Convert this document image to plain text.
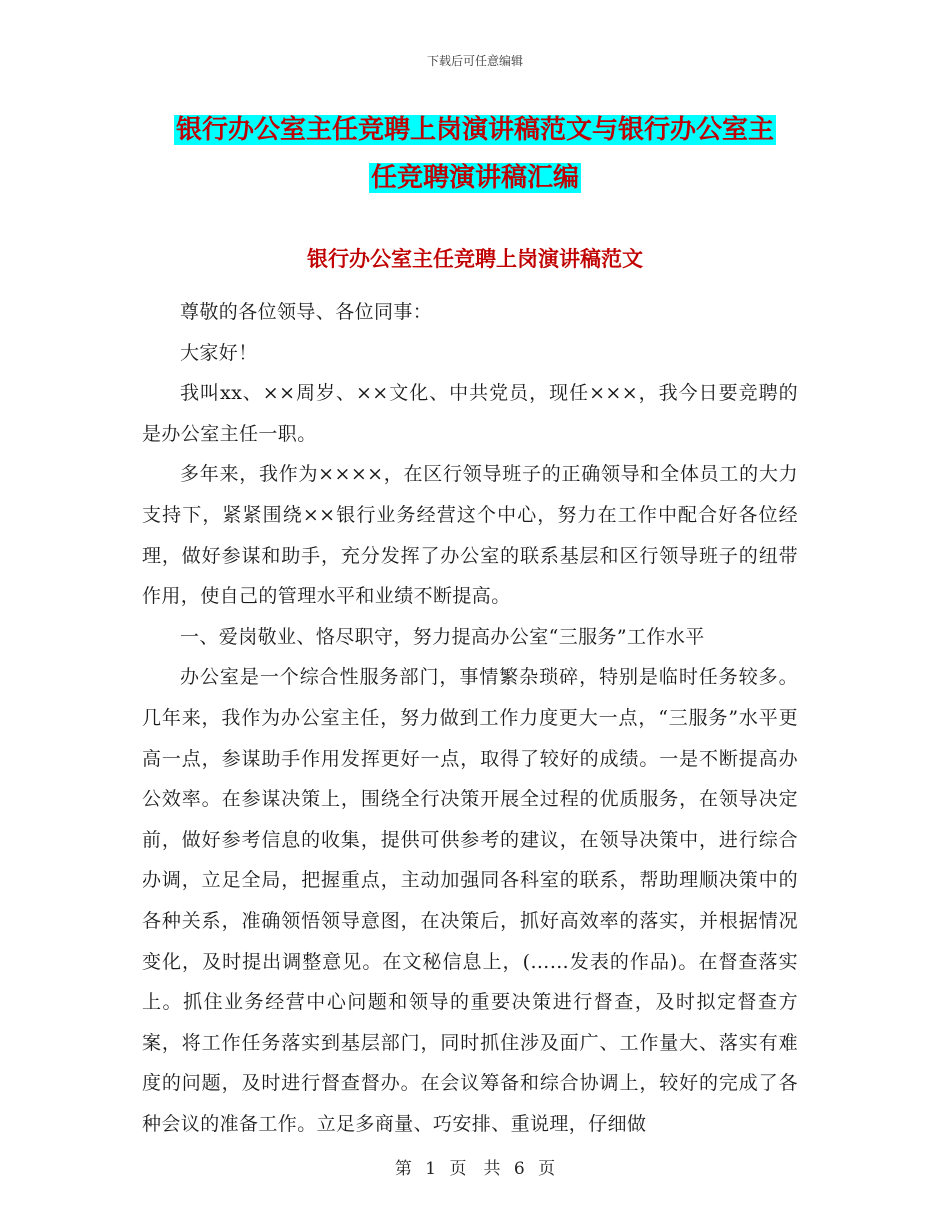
下载后可任意编辑
银行办公室主任竞聘上岗演讲稿范文与银行办公室主
任竞聘演讲稿汇编
银行办公室主任竞聘上岗演讲稿范文

尊敬的各位领导、各位同事：

大家好！

我叫xx、××周岁、××文化、中共党员，现任×××，我今日要竞聘的是办公室主任一职。

多年来，我作为××××，在区行领导班子的正确领导和全体员工的大力支持下，紧紧围绕××银行业务经营这个中心，努力在工作中配合好各位经理，做好参谋和助手，充分发挥了办公室的联系基层和区行领导班子的纽带作用，使自己的管理水平和业绩不断提高。

一、爱岗敬业、恪尽职守，努力提高办公室“三服务”工作水平

办公室是一个综合性服务部门，事情繁杂琐碎，特别是临时任务较多。几年来，我作为办公室主任，努力做到工作力度更大一点，“三服务”水平更高一点，参谋助手作用发挥更好一点，取得了较好的成绩。一是不断提高办公效率。在参谋决策上，围绕全行决策开展全过程的优质服务，在领导决定前，做好参考信息的收集，提供可供参考的建议，在领导决策中，进行综合办调，立足全局，把握重点，主动加强同各科室的联系，帮助理顺决策中的各种关系，准确领悟领导意图，在决策后，抓好高效率的落实，并根据情况变化，及时提出调整意见。在文秘信息上，(……发表的作品)。在督查落实上。抓住业务经营中心问题和领导的重要决策进行督查，及时拟定督查方案，将工作任务落实到基层部门，同时抓住涉及面广、工作量大、落实有难度的问题，及时进行督查督办。在会议筹备和综合协调上，较好的完成了各种会议的准备工作。立足多商量、巧安排、重说理，仔细做

第 1 页　共 6 页
